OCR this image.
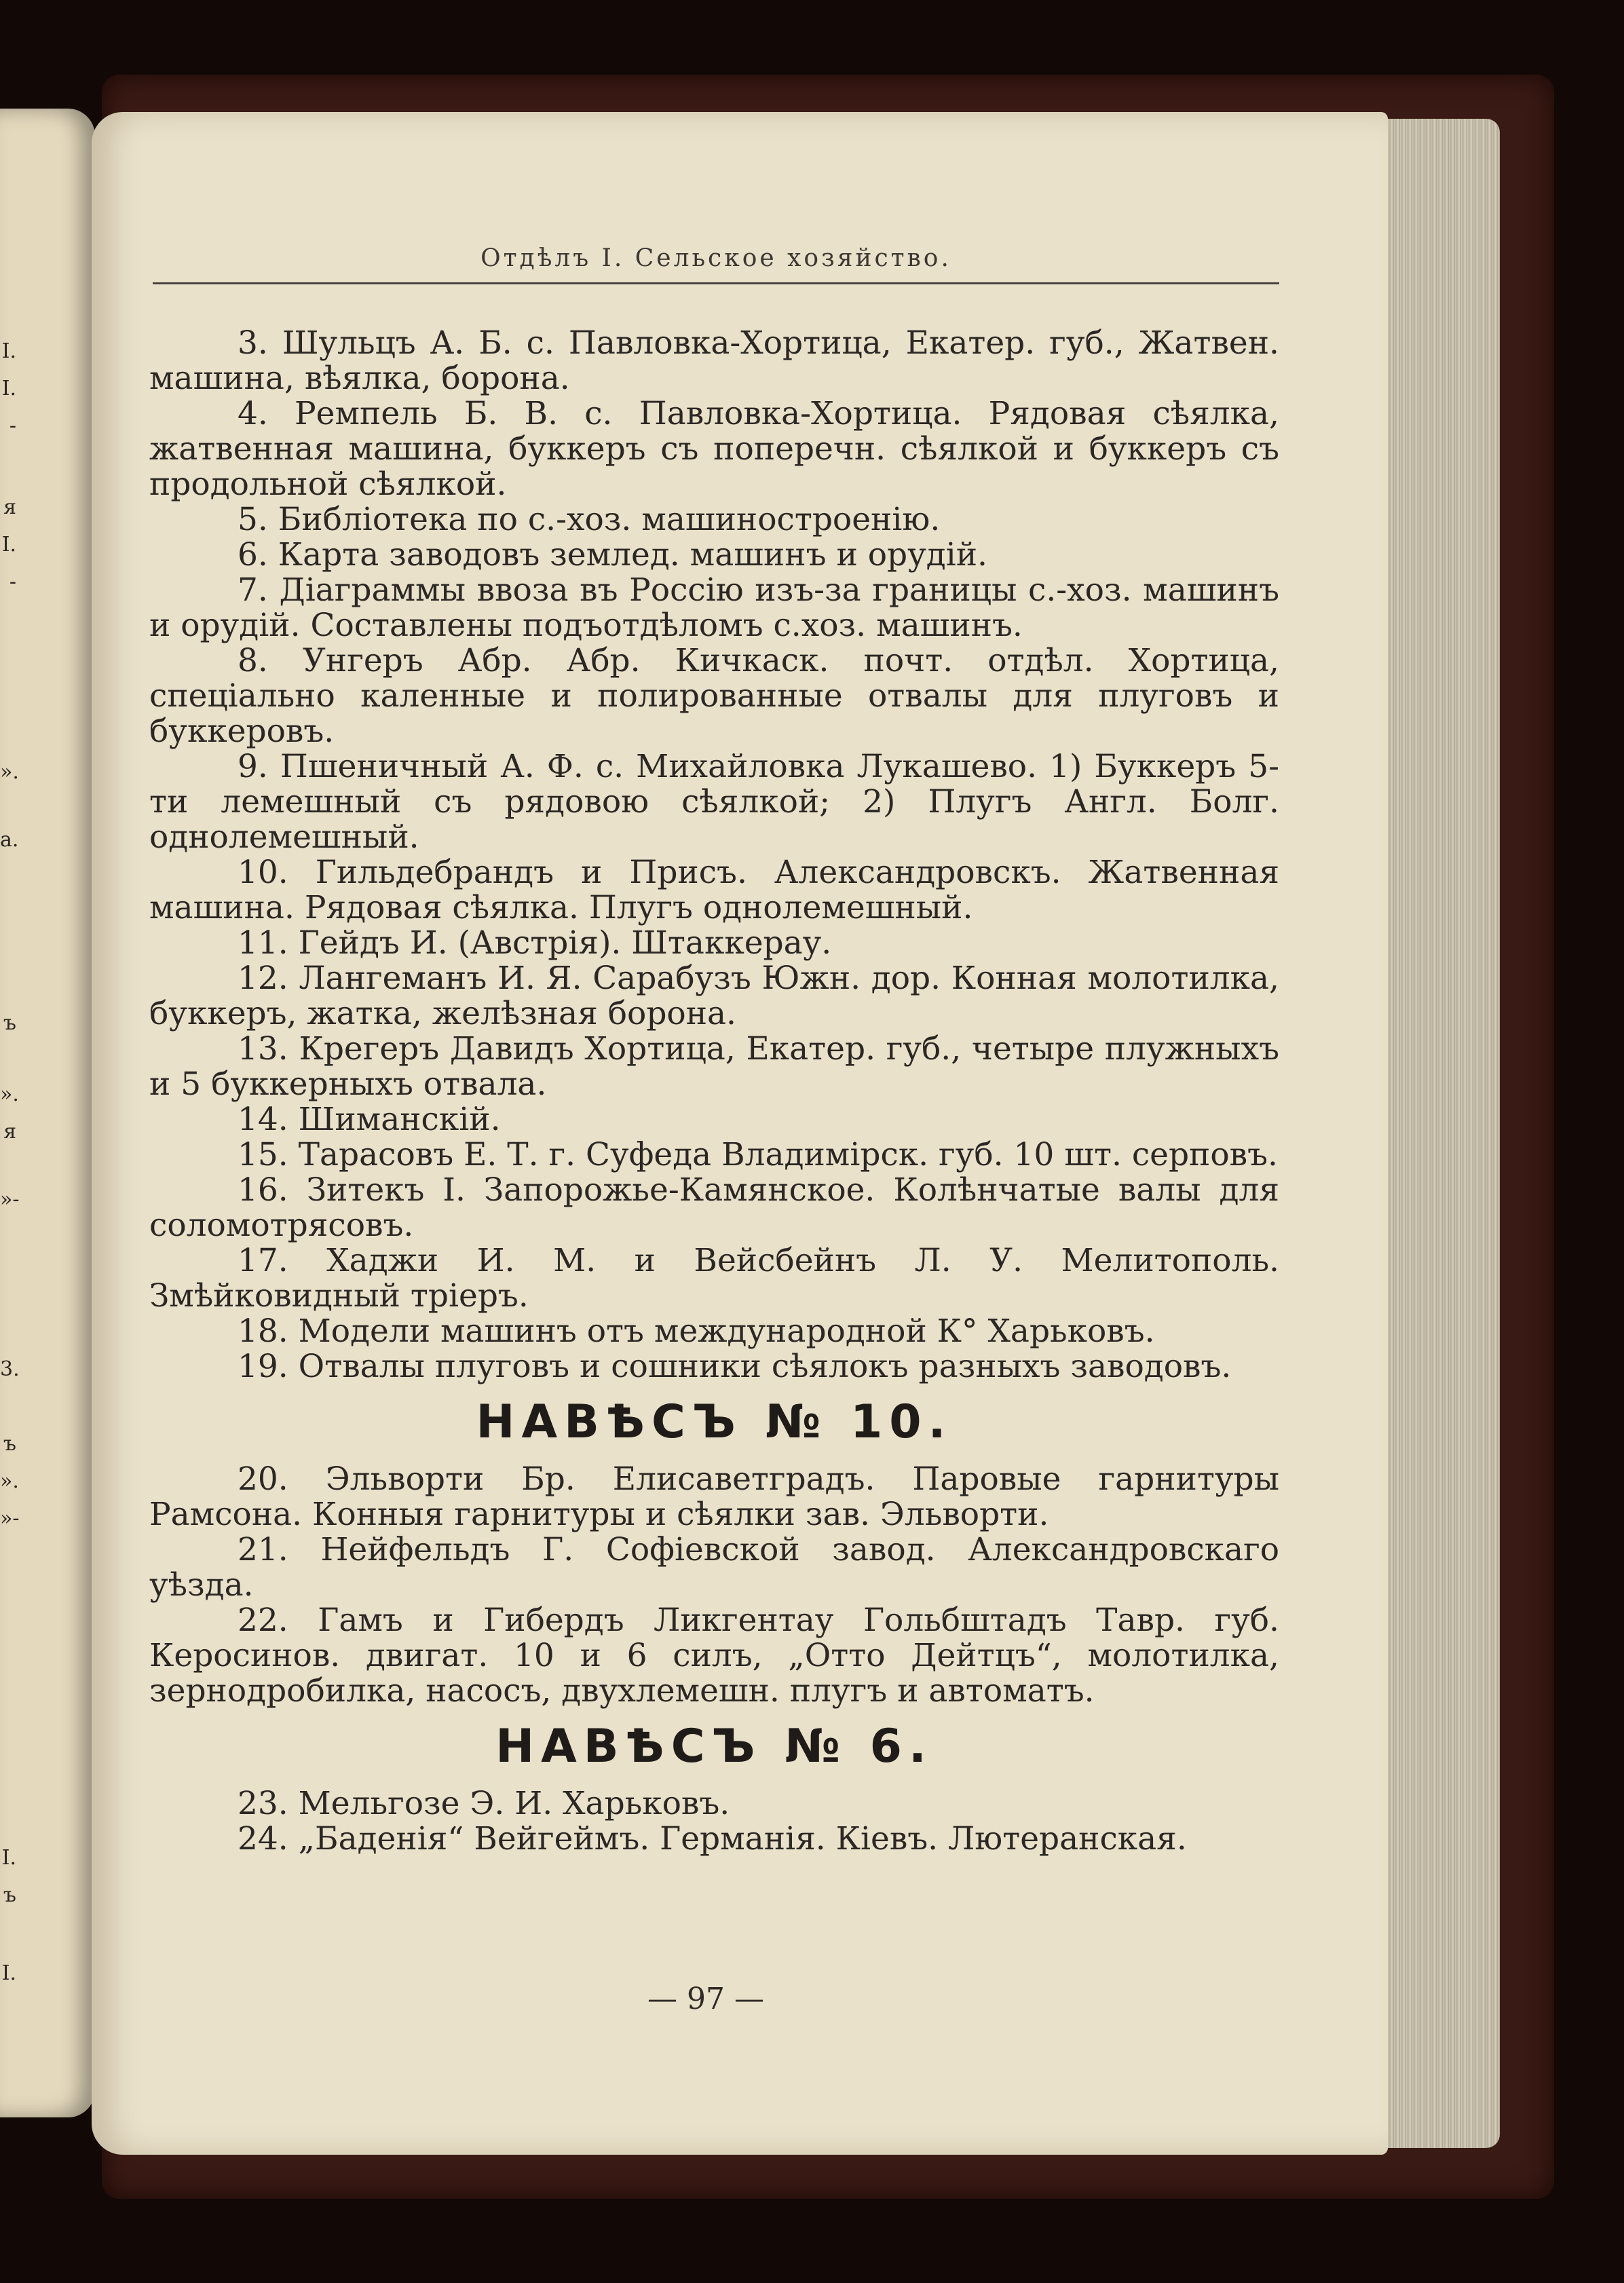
І.
І.
-
я
І.
-
».
а.
ъ
».
я
»-
3.
ъ
».
»-
І.
ъ
І.
Отдѣлъ I. Сельское хозяйство.

3. Шульцъ А. Б. с. Павловка-Хортица, Екатер. губ., Жатвен. машина, вѣялка, борона.

4. Ремпель Б. В. с. Павловка-Хортица. Рядовая сѣялка, жатвенная машина, буккеръ съ поперечн. сѣялкой и буккеръ съ продольной сѣялкой.

5. Библіотека по с.-хоз. машиностроенію.

6. Карта заводовъ землед. машинъ и орудій.

7. Діаграммы ввоза въ Россію изъ-за границы с.-хоз. машинъ и орудій. Составлены подъотдѣломъ с.хоз. машинъ.

8. Унгеръ Абр. Абр. Кичкаск. почт. отдѣл. Хортица, спеціально каленные и полированные отвалы для плуговъ и буккеровъ.

9. Пшеничный А. Ф. с. Михайловка Лукашево. 1) Буккеръ 5-ти лемешный съ рядовою сѣялкой; 2) Плугъ Англ. Болг. однолемешный.

10. Гильдебрандъ и Присъ. Александровскъ. Жатвенная машина. Рядовая сѣялка. Плугъ однолемешный.

11. Гейдъ И. (Австрія). Штаккерау.

12. Лангеманъ И. Я. Сарабузъ Южн. дор. Конная молотилка, буккеръ, жатка, желѣзная борона.

13. Крегеръ Давидъ Хортица, Екатер. губ., четыре плужныхъ и 5 буккерныхъ отвала.

14. Шиманскій.

15. Тарасовъ Е. Т. г. Суфеда Владимірск. губ. 10 шт. серповъ.

16. Зитекъ I. Запорожье-Камянское. Колѣнчатые валы для соломотрясовъ.

17. Хаджи И. М. и Вейсбейнъ Л. У. Мелитополь. Змѣйковидный тріеръ.

18. Модели машинъ отъ международной К° Харьковъ.

19. Отвалы плуговъ и сошники сѣялокъ разныхъ заводовъ.

НАВѢСЪ № 10.

20. Эльворти Бр. Елисаветградъ. Паровые гарнитуры Рамсона. Конныя гарнитуры и сѣялки зав. Эльворти.

21. Нейфельдъ Г. Софіевской завод. Александровскаго уѣзда.

22. Гамъ и Гибердъ Ликгентау Гольбштадъ Тавр. губ. Керосинов. двигат. 10 и 6 силъ, „Отто Дейтцъ“, молотилка, зернодробилка, насосъ, двухлемешн. плугъ и автоматъ.

НАВѢСЪ № 6.

23. Мельгозе Э. И. Харьковъ.

24. „Баденія“ Вейгеймъ. Германія. Кіевъ. Лютеранская.

— 97 —
